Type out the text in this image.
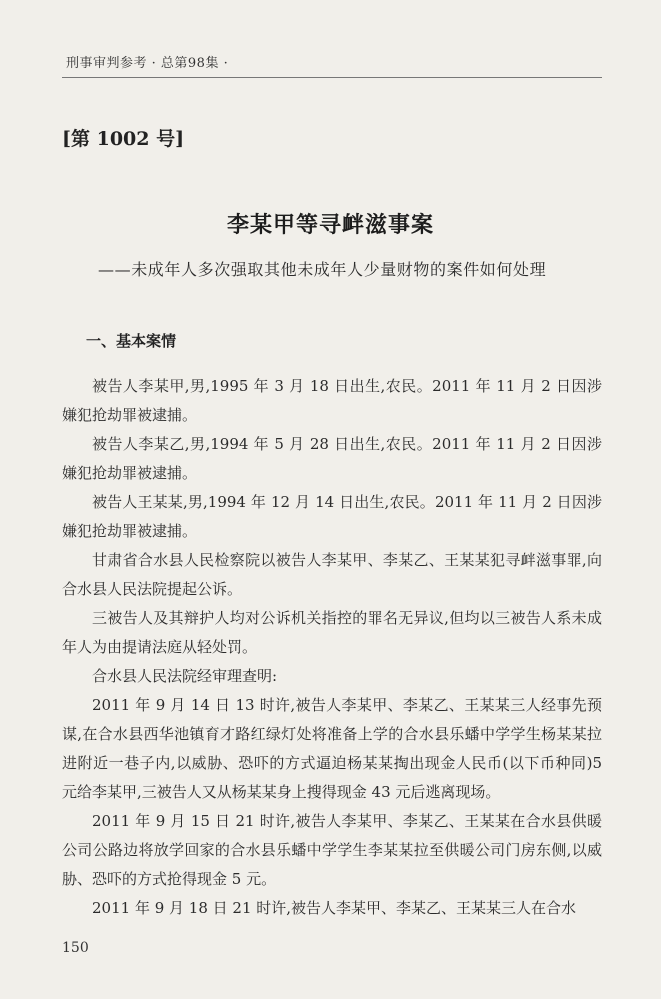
刑事审判参考 · 总第98集 ·
[第 1002 号]
李某甲等寻衅滋事案
——未成年人多次强取其他未成年人少量财物的案件如何处理
一、基本案情

被告人李某甲,男,1995 年 3 月 18 日出生,农民。2011 年 11 月 2 日因涉嫌犯抢劫罪被逮捕。

被告人李某乙,男,1994 年 5 月 28 日出生,农民。2011 年 11 月 2 日因涉嫌犯抢劫罪被逮捕。

被告人王某某,男,1994 年 12 月 14 日出生,农民。2011 年 11 月 2 日因涉嫌犯抢劫罪被逮捕。

甘肃省合水县人民检察院以被告人李某甲、李某乙、王某某犯寻衅滋事罪,向合水县人民法院提起公诉。

三被告人及其辩护人均对公诉机关指控的罪名无异议,但均以三被告人系未成年人为由提请法庭从轻处罚。

合水县人民法院经审理查明:

2011 年 9 月 14 日 13 时许,被告人李某甲、李某乙、王某某三人经事先预谋,在合水县西华池镇育才路红绿灯处将准备上学的合水县乐蟠中学学生杨某某拉进附近一巷子内,以威胁、恐吓的方式逼迫杨某某掏出现金人民币(以下币种同)5 元给李某甲,三被告人又从杨某某身上搜得现金 43 元后逃离现场。

2011 年 9 月 15 日 21 时许,被告人李某甲、李某乙、王某某在合水县供暖公司公路边将放学回家的合水县乐蟠中学学生李某某拉至供暖公司门房东侧,以威胁、恐吓的方式抢得现金 5 元。

2011 年 9 月 18 日 21 时许,被告人李某甲、李某乙、王某某三人在合水

150
